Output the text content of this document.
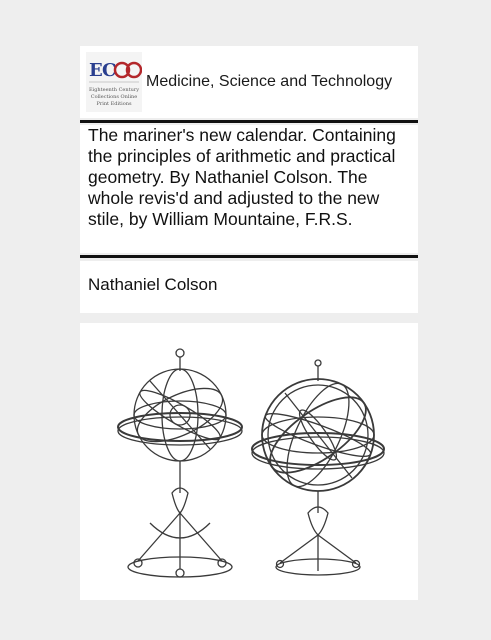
E C
Eighteenth Century
Collections Online
Print Editions
Medicine, Science and Technology
The mariner's new calendar. Containing the principles of arithmetic and practical geometry. By Nathaniel Colson. The whole revis'd and adjusted to the new stile, by William Mountaine, F.R.S.
Nathaniel Colson
